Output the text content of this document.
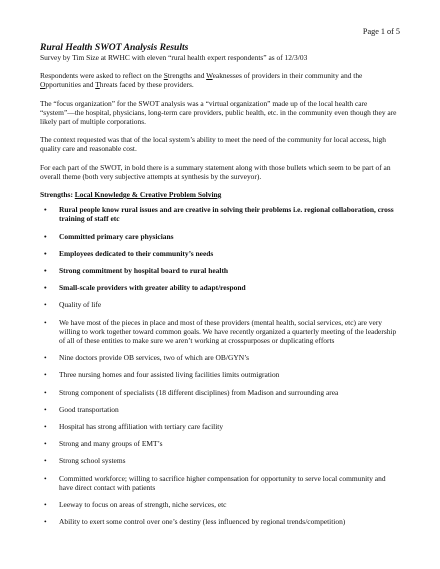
Page 1 of 5
Rural Health SWOT Analysis Results

Survey by Tim Size at RWHC with eleven “rural health expert respondents” as of 12/3/03

Respondents were asked to reflect on the Strengths and Weaknesses of providers in their community and the Opportunities and Threats faced by these providers.

The “focus organization” for the SWOT analysis was a “virtual organization” made up of the local health care “system”—the hospital, physicians, long-term care providers, public health, etc. in the community even though they are likely part of multiple corporations.

The context requested was that of the local system’s ability to meet the need of the community for local access, high quality care and reasonable cost.

For each part of the SWOT, in bold there is a summary statement along with those bullets which seem to be part of an overall theme (both very subjective attempts at synthesis by the surveyor).

Strengths: Local Knowledge & Creative Problem Solving
• Rural people know rural issues and are creative in solving their problems i.e. regional collaboration, cross training of staff etc
• Committed primary care physicians
• Employees dedicated to their community’s needs
• Strong commitment by hospital board to rural health
• Small-scale providers with greater ability to adapt/respond
• Quality of life
• We have most of the pieces in place and most of these providers (mental health, social services, etc) are very willing to work together toward common goals. We have recently organized a quarterly meeting of the leadership of all of these entities to make sure we aren’t working at crosspurposes or duplicating efforts
• Nine doctors provide OB services, two of which are OB/GYN’s
• Three nursing homes and four assisted living facilities limits outmigration
• Strong component of specialists (18 different disciplines) from Madison and surrounding area
• Good transportation
• Hospital has strong affiliation with tertiary care facility
• Strong and many groups of EMT’s
• Strong school systems
• Committed workforce; willing to sacrifice higher compensation for opportunity to serve local community and have direct contact with patients
• Leeway to focus on areas of strength, niche services, etc
• Ability to exert some control over one’s destiny (less influenced by regional trends/competition)
